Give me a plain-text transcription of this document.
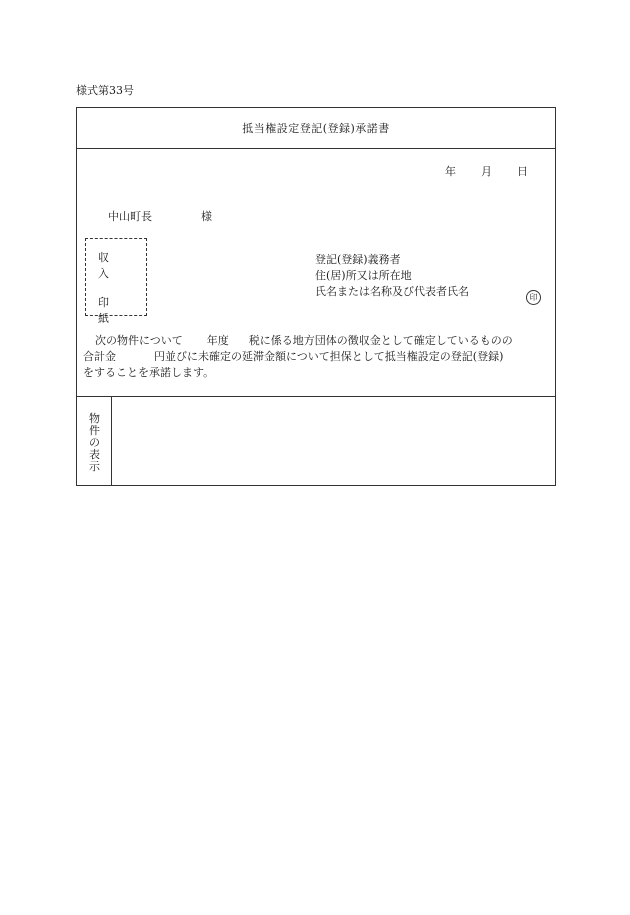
様式第33号
抵当権設定登記(登録)承諾書
年 月 日
中山町長	様
収入
印紙
登記(登録)義務者
住(居)所又は所在地
氏名または名称及び代表者氏名	印
次の物件について 年度 税に係る地方団体の徴収金として確定しているものの
合計金	円並びに未確定の延滞金額について担保として抵当権設定の登記(登録)
をすることを承諾します。
物
件
の
表
示
